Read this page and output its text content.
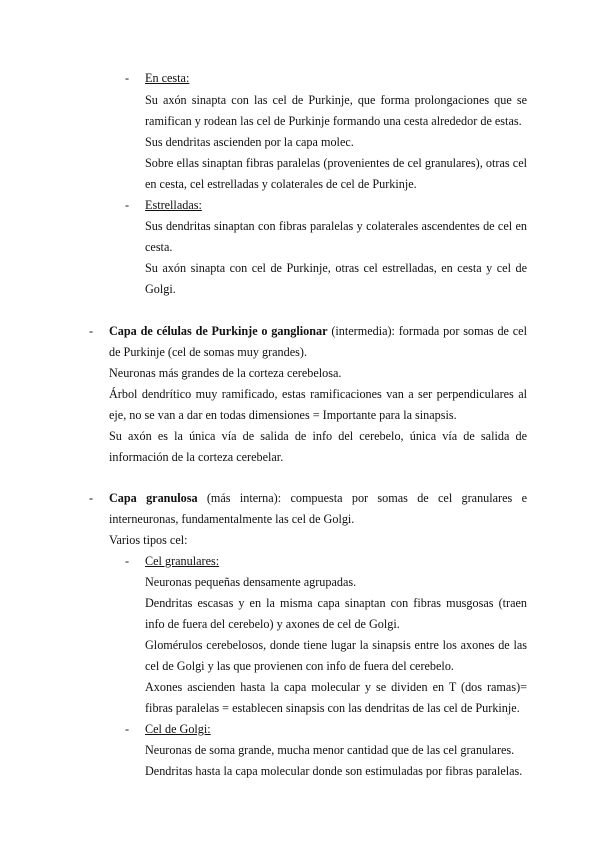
- En cesta:
Su axón sinapta con las cel de Purkinje, que forma prolongaciones que se ramifican y rodean las cel de Purkinje formando una cesta alrededor de estas.
Sus dendritas ascienden por la capa molec.
Sobre ellas sinaptan fibras paralelas (provenientes de cel granulares), otras cel en cesta, cel estrelladas y colaterales de cel de Purkinje.
- Estrelladas:
Sus dendritas sinaptan con fibras paralelas y colaterales ascendentes de cel en cesta.
Su axón sinapta con cel de Purkinje, otras cel estrelladas, en cesta y cel de Golgi.
- Capa de células de Purkinje o ganglionar (intermedia): formada por somas de cel de Purkinje (cel de somas muy grandes).
Neuronas más grandes de la corteza cerebelosa.
Árbol dendrítico muy ramificado, estas ramificaciones van a ser perpendiculares al eje, no se van a dar en todas dimensiones = Importante para la sinapsis.
Su axón es la única vía de salida de info del cerebelo, única vía de salida de información de la corteza cerebelar.
- Capa granulosa (más interna): compuesta por somas de cel granulares e interneuronas, fundamentalmente las cel de Golgi.
Varios tipos cel:
- Cel granulares:
Neuronas pequeñas densamente agrupadas.
Dendritas escasas y en la misma capa sinaptan con fibras musgosas (traen info de fuera del cerebelo) y axones de cel de Golgi.
Glomérulos cerebelosos, donde tiene lugar la sinapsis entre los axones de las cel de Golgi y las que provienen con info de fuera del cerebelo.
Axones ascienden hasta la capa molecular y se dividen en T (dos ramas)= fibras paralelas = establecen sinapsis con las dendritas de las cel de Purkinje.
- Cel de Golgi:
Neuronas de soma grande, mucha menor cantidad que de las cel granulares.
Dendritas hasta la capa molecular donde son estimuladas por fibras paralelas.
